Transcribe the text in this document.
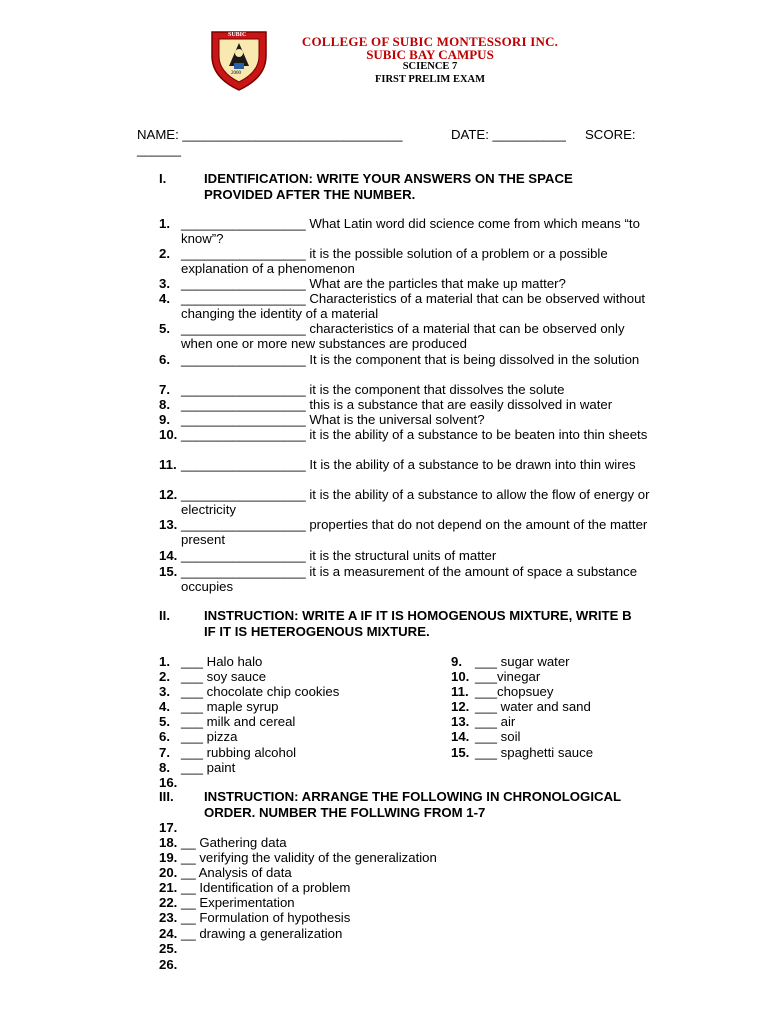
SUBIC
2000
COLLEGE OF SUBIC MONTESSORI INC.
SUBIC BAY CAMPUS
SCIENCE 7
FIRST PRELIM EXAM
NAME: ______________________________	DATE: __________ SCORE:
______
I.	IDENTIFICATION: WRITE YOUR ANSWERS ON THE SPACE PROVIDED AFTER THE NUMBER.
1. _________________ What Latin word did science come from which means “to know”?
2. _________________ it is the possible solution of a problem or a possible explanation of a phenomenon
3. _________________ What are the particles that make up matter?
4. _________________ Characteristics of a material that can be observed without changing the identity of a material
5. _________________ characteristics of a material that can be observed only when one or more new substances are produced
6. _________________ It is the component that is being dissolved in the solution
7. _________________ it is the component that dissolves the solute
8. _________________ this is a substance that are easily dissolved in water
9. _________________ What is the universal solvent?
10. _________________ it is the ability of a substance to be beaten into thin sheets
11. _________________ It is the ability of a substance to be drawn into thin wires
12. _________________ it is the ability of a substance to allow the flow of energy or electricity
13. _________________ properties that do not depend on the amount of the matter present
14. _________________ it is the structural units of matter
15. _________________ it is a measurement of the amount of space a substance occupies
II.	INSTRUCTION: WRITE A IF IT IS HOMOGENOUS MIXTURE, WRITE B IF IT IS HETEROGENOUS MIXTURE.
1. ___ Halo halo
2. ___ soy sauce
3. ___ chocolate chip cookies
4. ___ maple syrup
5. ___ milk and cereal
6. ___ pizza
7. ___ rubbing alcohol
8. ___ paint
16.
9. ___ sugar water
10. ___vinegar
11. ___chopsuey
12. ___ water and sand
13. ___ air
14. ___ soil
15. ___ spaghetti sauce
III. INSTRUCTION: ARRANGE THE FOLLOWING IN CHRONOLOGICAL ORDER. NUMBER THE FOLLWING FROM 1-7
17.
18. __ Gathering data
19. __ verifying the validity of the generalization
20. __ Analysis of data
21. __ Identification of a problem
22. __ Experimentation
23. __ Formulation of hypothesis
24. __ drawing a generalization
25.
26.
